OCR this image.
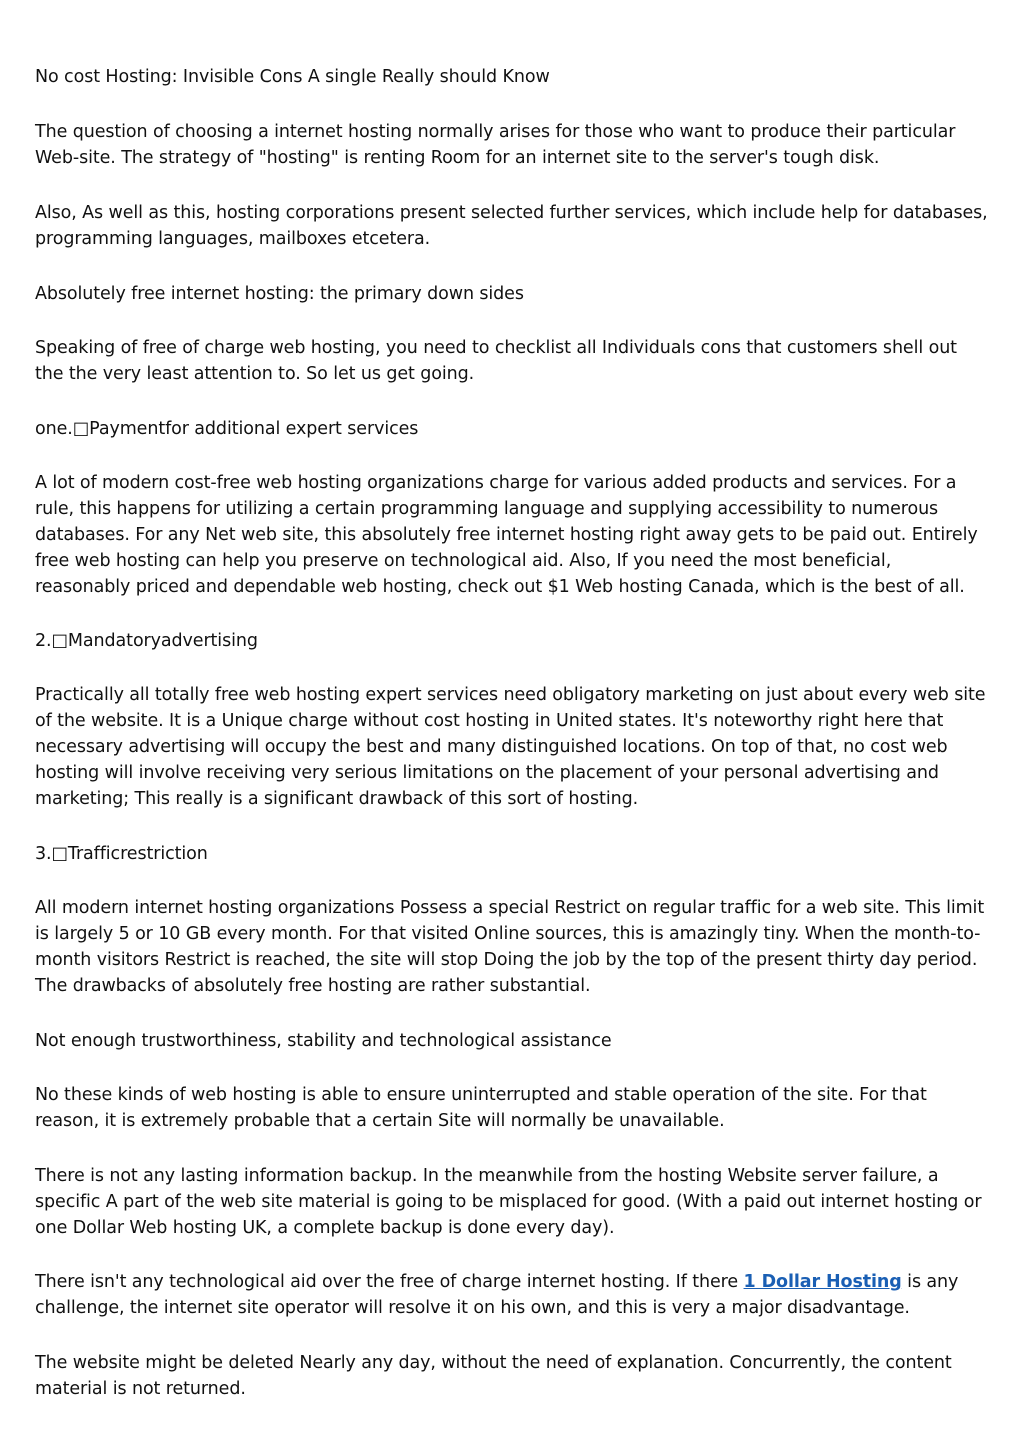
No cost Hosting: Invisible Cons A single Really should Know

The question of choosing a internet hosting normally arises for those who want to produce their particular Web-site. The strategy of "hosting" is renting Room for an internet site to the server's tough disk.

Also, As well as this, hosting corporations present selected further services, which include help for databases, programming languages, mailboxes etcetera.

Absolutely free internet hosting: the primary down sides

Speaking of free of charge web hosting, you need to checklist all Individuals cons that customers shell out the the very least attention to. So let us get going.

one.□Paymentfor additional expert services

A lot of modern cost-free web hosting organizations charge for various added products and services. For a rule, this happens for utilizing a certain programming language and supplying accessibility to numerous databases. For any Net web site, this absolutely free internet hosting right away gets to be paid out. Entirely free web hosting can help you preserve on technological aid. Also, If you need the most beneficial, reasonably priced and dependable web hosting, check out $1 Web hosting Canada, which is the best of all.

2.□Mandatoryadvertising

Practically all totally free web hosting expert services need obligatory marketing on just about every web site of the website. It is a Unique charge without cost hosting in United states. It's noteworthy right here that necessary advertising will occupy the best and many distinguished locations. On top of that, no cost web hosting will involve receiving very serious limitations on the placement of your personal advertising and marketing; This really is a significant drawback of this sort of hosting.

3.□Trafficrestriction

All modern internet hosting organizations Possess a special Restrict on regular traffic for a web site. This limit is largely 5 or 10 GB every month. For that visited Online sources, this is amazingly tiny. When the month-to-month visitors Restrict is reached, the site will stop Doing the job by the top of the present thirty day period. The drawbacks of absolutely free hosting are rather substantial.

Not enough trustworthiness, stability and technological assistance

No these kinds of web hosting is able to ensure uninterrupted and stable operation of the site. For that reason, it is extremely probable that a certain Site will normally be unavailable.

There is not any lasting information backup. In the meanwhile from the hosting Website server failure, a specific A part of the web site material is going to be misplaced for good. (With a paid out internet hosting or one Dollar Web hosting UK, a complete backup is done every day).

There isn't any technological aid over the free of charge internet hosting. If there 1 Dollar Hosting is any challenge, the internet site operator will resolve it on his own, and this is very a major disadvantage.

The website might be deleted Nearly any day, without the need of explanation. Concurrently, the content material is not returned.
